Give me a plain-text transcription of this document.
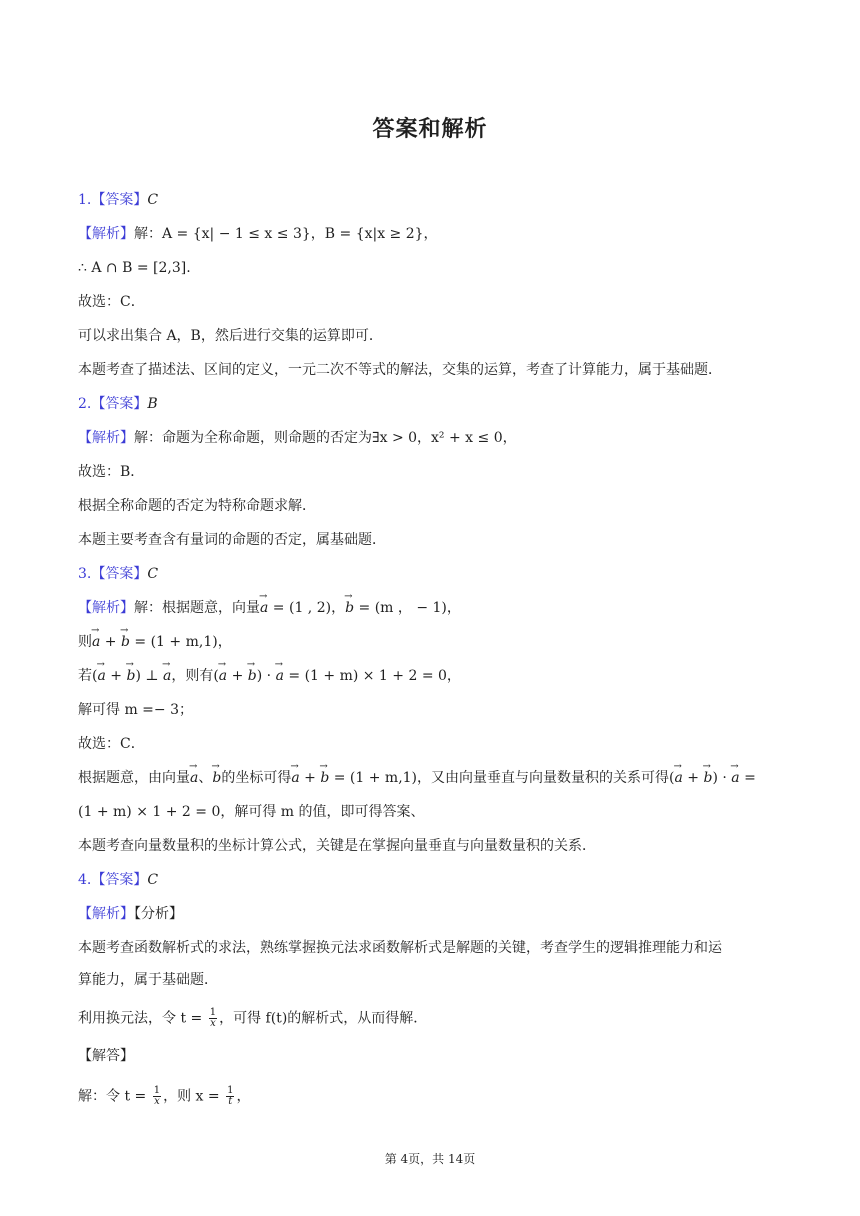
答案和解析
1.【答案】C
【解析】解：A = {x| − 1 ≤ x ≤ 3}，B = {x|x ≥ 2}，
∴ A ∩ B = [2,3].
故选：C．
可以求出集合 A，B，然后进行交集的运算即可．
本题考查了描述法、区间的定义，一元二次不等式的解法，交集的运算，考查了计算能力，属于基础题．
2.【答案】B
【解析】解：命题为全称命题，则命题的否定为∃x > 0，x² + x ≤ 0，
故选：B．
根据全称命题的否定为特称命题求解．
本题主要考查含有量词的命题的否定，属基础题．
3.【答案】C
【解析】解：根据题意，向量→ a = (1 , 2)，→ b = (m ， − 1)，
则→ a + → b = (1 + m,1)，
若(→ a + → b) ⊥ → a，则有(→ a + → b) · → a = (1 + m) × 1 + 2 = 0，
解可得 m =− 3；
故选：C．
根据题意，由向量→ a、→ b的坐标可得→ a + → b = (1 + m,1)，又由向量垂直与向量数量积的关系可得(→ a + → b) · → a =
(1 + m) × 1 + 2 = 0，解可得 m 的值，即可得答案、
本题考查向量数量积的坐标计算公式，关键是在掌握向量垂直与向量数量积的关系．
4.【答案】C
【解析】【分析】
本题考查函数解析式的求法，熟练掌握换元法求函数解析式是解题的关键，考查学生的逻辑推理能力和运
算能力，属于基础题．
利用换元法，令 $t = \frac{1}{x}$ ，可得 f(t)的解析式，从而得解．
【解答】
解：令 $t = \frac{1}{x}$ ，则 $x = \frac{1}{t}$ ，
第 4页，共 14页
